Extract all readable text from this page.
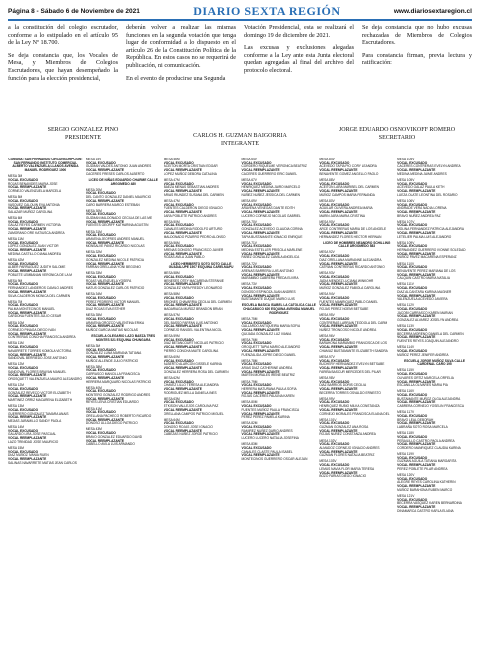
Página 8 - Sábado 6 de Noviembre de 2021	DIARIO SEXTA REGIÓN	www.diariosextaregion.cl

a la constitución del colegio escrutador, conforme a lo estipulado en el artículo 95 de la Ley Nº 18.700.

Se deja constancia que, los Vocales de Mesa, y Miembros de Colegios Escrutadores, que hayan desempeñado la función para la elección presidencial,

deberán volver a realizar las mismas funciones en la segunda votación que tenga lugar de conformidad a lo dispuesto en el artículo 26 de la Constitución Política de la República. En estos casos no se requerirá de publicación, ni comunicación.

En el evento de producirse una Segunda

Votación Presidencial, esta se realizará el domingo 19 de diciembre de 2021.

Las excusas y exclusiones alegadas conforme a la Ley ante esta Junta electoral quedan agregadas al final del archivo del protocolo electoral.

Se deja constancia que no hubo excusas rechazadas de Miembros de Colegios Escrutadores.

Para constancia firman, previa lectura y ratificación:

SERGIO GONZALEZ PINO
PRESIDENTE	CARLOS H. GUZMAN BAIGORRIA
INTEGRANTE
JORGE EDUARDO OSNOVIKOFF ROMERO
SECRETARIO
COMUNA: SAN FERNANDO CIRCUNSCRIPCIÓN: SAN FERNANDO INSTITUTO COMERCIAL ALBERTO VALENZUELA LLANOS AVENIDA MANUEL RODRÍGUEZ 1000
MESA 3M
VOCAL EXCUSADO
ROJAS BENAVIDES MARIA JOSE
VOCAL REEMPLAZANTE
CORNEJO VALENZUELA MARCELA
MESA 5M
VOCAL EXCUSADO
VASQUEZ CALQUIN EVA ANTONIA
VOCAL REEMPLAZANTE
SALAZAR MUÑOZ CAROLINA
MESA 6M
VOCAL EXCUSADO
GALAZ REYES CARMEN VICTORIA
VOCAL REEMPLAZANTE
ZAMORANO ORE KATIUSCA ANDREA
MESA 11M
VOCAL EXCUSADO
LOPEZ GONZALEZ JUAN VICTOR
VOCAL REEMPLAZANTE
MEDINA CASTILLO DIANA ANDREA
MESA 42M
VOCAL EXCUSADO
ALBER PARRAGUEZ JUDITH SALOME
VOCAL REEMPLAZANTE
POBLETE LEMBANAN VERONICA DE LA M
MESA 9M
VOCAL EXCUSADO
FERNANDEZ LANDEROS CAMILO ANDRES
VOCAL REEMPLAZANTE
SILVA CALDERON MONICA DEL CARMEN
MESA 7M
VOCAL EXCUSADO
PALMA MONTECINOS MANUEL
VOCAL REEMPLAZANTE
CARDONA FUENTES JULIO CESAR
MESA 10M
VOCAL EXCUSADO
CORNEJO PINAGA DIEGO IVAN
VOCAL REEMPLAZANTE
CONTRERAS CONCHA FRANCISCA ANDREA
MESA 11M
VOCAL EXCUSADO
NAVARRETE TORRES KOMOLA VICTORIA
VOCAL REEMPLAZANTE
SANDOVAL BERRIEDO JOSE ANTONIO
MESA 12M
VOCAL EXCUSADO
SANDOVAL FLORES BRAYAN MANUEL
VOCAL REEMPLAZANTE
OROSQUETT VALENZUELA MAURO ALEJANDRO
MESA 12M
VOCAL EXCUSADO
GONZALEZ REVECO VICTOR ELIZABETH
VOCAL REEMPLAZANTE
MARTINEZ ORRIZ MACARENA ELIZABETH
MESA 13M
VOCAL EXCUSADO
GUERRERO GONZALEZ TAMARA ANAIS
VOCAL REEMPLAZANTE
MEJIAS JARAMILLO SANDY PAOLA
MESA 14M
VOCAL EXCUSADO
GALARDO LIRA JOSE PASCUAL
VOCAL REEMPLAZANTE
LAZO TRINIDAD JOSE MAURICIO
MESA 15M
VOCAL EXCUSADO
DIAZ MUÑOZ IVANIA RUEN
VOCAL REEMPLAZANTE
SALINAS NAVARRETE MATIAS JEAN CARLOS
MESA 15V
VOCAL EXCUSADO
GUZMAN VALDES ANTONIO JUAN ANDRES
VOCAL REEMPLAZANTE
CACERES FRESES CARLOS ALBERTO
LICEO DE NIÑAS EDUARDO CHARME CALLE ARGOMEDO 480
MESA 20M
VOCAL EXCUSADO
DEL CANTO GONZALEZ DANIEL MAURICIO
VOCAL REEMPLAZANTE
CARO BARRERA MARCO ESTEBAN
MESA 30M
VOCAL EXCUSADO
GUZMAN MALDONADO CECILIA DE LAS ME
VOCAL REEMPLAZANTE
FUENTES GEORFF KATHARINA AGUSTIN
MESA 31M
VOCAL EXCUSADO
ARAVENA JEOFRES ANDRES MANUEL
VOCAL REEMPLAZANTE
MONSALVE PAVEZ RICARDO NICOLAS
MESA 32M
VOCAL EXCUSADO
GONZALEZ MEDINA NICOLE PATRICIA
VOCAL REEMPLAZANTE
FARRAN ORELLANA YONI BEGONIO
MESA 33M
VOCAL EXCUSADO
ROJAS VALENZUELA YOSEFA
VOCAL REEMPLAZANTE
MATUS GONZALEZ CARLOS PATRICIO
MESA 34M
VOCAL EXCUSADO
PEREZ PEDRERO VICTOR MANUEL
VOCAL REEMPLAZANTE
DIAZ ROJAS EVA ESTHER
MESA 35M
VOCAL EXCUSADO
ARAVENA OROZCO VALENTINA ERIKA
VOCAL REEMPLAZANTE
MUÑOZ GARCIA MATIAS NICOLAS
ESCUELA OLEGARIO LAZO BAEZA TRES MONTES 521 ESQUINA CHUNGARA
MESA 3M
VOCAL EXCUSADO
GONZALEZ LUNA MARIANA TATIANA
VOCAL REEMPLAZANTE
MUÑOZ ALLENDE JULIO PATRICIO
MESA 38M
VOCAL EXCUSADO
CARRASCO MANCILLA FRANCISCA
VOCAL REEMPLAZANTE
HERRERA MARQUARD NICOLAS PATRICIO
MESA 40M
VOCAL EXCUSADO
MONTERO GONZALEZ RODRIGO ANDRES
VOCAL REEMPLAZANTE
REYES LEIVA CRISTIAN EDUARDO
MESA 41M
VOCAL EXCUSADO
ORELLANA PACHECO ROBERTO RICARDO
VOCAL REEMPLAZANTE
DONOSO ULLOA DIEGO PATRICIO
MESA 43M
VOCAL EXCUSADO
BRAVO GONZALEZ EDUARDO DAVID
VOCAL REEMPLAZANTE
CABELLO AVILA LUIS ARMANDO
MESA 46M
VOCAL EXCUSADO
ACEITON MORTA CRISTIAN EDGAR
VOCAL REEMPLAZANTE
LOPEZ MUÑOZ DEBORA CATALINA
MESA 47M
VOCAL EXCUSADO
BAEZA MENAS SEBASTIAN ANDRES
VOCAL REEMPLAZANTE
ARIAS RIUNDEZ SUSANA DEL CARMEN
MESA 47M
VOCAL EXCUSADO
FUENTES CALDERON DIEGO IGNACIO
VOCAL REEMPLAZANTE
JARA POBLETE PATRICIO ANDRES
MESA 50M
VOCAL EXCUSADO
CANALES MEDINA RODOLFO ARTURO
VOCAL REEMPLAZANTE
MALDONADO PIZARRO PEDRO ALONSO
MESA 56M
VOCAL EXCUSADO
ARENAS DONOSO FRANCISCO JAVIER
VOCAL REEMPLAZANTE
ROZAS AVILA JUAN PABLO
LICEO HERIBERTO SOTO SOTO CALLE GUADALUPE 1507 ESQUINA CARELMAPU
MESA 58M
VOCAL EXCUSADO
MENESES OTEY MACARENA STEFANIE
VOCAL REEMPLAZANTE
GONZALEZ YAPA FREDDY LEONARDO
MESA 58M
VOCAL EXCUSADO
BRIONES CHAVARRIA CECILIA DEL CARMEN
VOCAL REEMPLAZANTE
MADARIAGA MUÑOZ BRANDON BRIAN
MESA 57M
VOCAL EXCUSADO
DEL BASSO FARFAN LUIS ANTONIO
VOCAL REEMPLAZANTE
CORNEJO RANGEL VALENTINA NICOL
MESA 59M
VOCAL EXCUSADO
DIAZ BETANCOURT NICOLAS PATRICIO
VOCAL REEMPLAZANTE
PIERRO CONCHA MAITE CAROLINA
MESA 60M
VOCAL EXCUSADO
ALBERTO ALARCON GISSELE KARINA
VOCAL REEMPLAZANTE
GONZALEZ HERRERA ROSA DEL CARMEN
MESA 62M
VOCAL EXCUSADO
CHAVEZ LILLO TERESA ALEJANDRA
VOCAL REEMPLAZANTE
RODRIGUEZ MELLA DANIELA INES
MESA 63M
VOCAL EXCUSADO
ETKISON VALLEJOS CAROLINA PAZ
VOCAL REEMPLAZANTE
ORELLANA CAMPOS PATRICIO MIGUEL
MESA 64M
VOCAL EXCUSADO
DONOSO ROJAS JOSE IGNACIO
VOCAL REEMPLAZANTE
CABEZAS NUÑEZ JORGE PATRICIO
MESA 64V
VOCAL EXCUSADO
CORDERO RIQUELME VERONICA BEATRIZ
VOCAL REEMPLAZANTE
CACERES GUERRERO ERIC DANIEL
MESA 67V
VOCAL EXCUSADO
HENRIQUEZ MEDINA JAIRO MARCELO
VOCAL REEMPLAZANTE
NUÑEZ NUÑEZ JESSICA DEL CARMEN
MESA 69V
VOCAL EXCUSADO
ARAVENA VENEGAS DANTE EDITH
VOCAL REEMPLAZANTE
LUCERO CORNEJO NICOLAS GABRIEL
MESA 70V
VOCAL EXCUSADO
GONZALEZ ACEVEDO CLAUDIA CORINA
VOCAL REEMPLAZANTE
TAPIA BUSTAMANTE IGNACIO ENRIQUE
MESA 71V
VOCAL EXCUSADO
MEDINA ESTELLER PRISCILA MARLENE
VOCAL REEMPLAZANTE
FAÑEZ GONZALEZ CAMILA ANGELICA
MESA 72V
VOCAL EXCUSADO
ARENAS BARRERA LUIS ANTONIO
VOCAL REEMPLAZANTE
MARAMBIO CABRERA FREDA ELVIRA
MESA 73V
VOCAL EXCUSADO
DONOSO ESPINOZA JUAN ANDRES
VOCAL REEMPLAZANTE
BUSTAMANTE DUQUE MARIO LUIS
ESCUELA BASICA ISABEL LA CATOLICA CALLE CHACABUCO 620 ESQUINA AVENIDA MANUEL RODRIGUEZ
MESA 75M
VOCAL EXCUSADO
GALLARDO ANTIQUEIRA MARIA SOFIA
VOCAL REEMPLAZANTE
QUIJADA GONZALEZ LUZ IVANIA
MESA 76M
VOCAL EXCUSADO
OROQUETT TAPIA MARIO ALEJANDRO
VOCAL REEMPLAZANTE
FUENZALIDA JOFRE DIEGO DANIEL
MESA 78M
VOCAL EXCUSADO
ARIAS DIAZ CATHERINE ANDREA
VOCAL REEMPLAZANTE
MARTIN MORALES IRENE BEATRIZ
MESA 79M
VOCAL EXCUSADO
HERRERA MATURANA PAULA SOFIA
VOCAL REEMPLAZANTE
ROJAS CACERES PAULINA KAREN
MESA 80M
VOCAL EXCUSADO
FUENTES MUÑOZ PAULA FRANCISCA
VOCAL REEMPLAZANTE
PEREZ PEREZ PAMELA KARINA
MESA 82M
VOCAL EXCUSADO
RAMIREZ NUÑEZ DARIO ANDRES
VOCAL REEMPLAZANTE
LUCERO LUCERO NATALIA JOSEFINA
MESA 83M
VOCAL EXCUSADO
CANALES CLASTE PAULA ISABEL
VOCAL REEMPLAZANTE
MONTECINOS GUERRERO OSCAR ALEJAN
MESA 84V
VOCAL EXCUSADO
ACEVEDO TAPIA PIO CORY LEANDRA
VOCAL REEMPLAZANTE
BENAVENTE GOMEZ ANGELLO PAOLO
MESA 88V
VOCAL EXCUSADO
ACEITON LARA MARIBEL DEL CARMEN
VOCAL REEMPLAZANTE
MUÑOZ CAMPOS MARIA FERNANDA
MESA 80V
VOCAL EXCUSADO
AGUILAR OLIVERA ANDREA MARIA
VOCAL REEMPLAZANTE
MARIN JARA MARIA CRISTINA
MESA 90V
VOCAL EXCUSADO
ARCE CONTRERAS MARIA DE LOS ANGELE
VOCAL REEMPLAZANTE
HERNANDEZ FLORES HECTOR HERNAN
LICEO DE HOMBRES NEANDRO SCHILLING CALLE ARGOMEDO 583
MESA 92V
VOCAL EXCUSADO
DIAZ ORELLANA MARIANNE ALEJANDRA
VOCAL REEMPLAZANTE
CATRIAN CONTRERAS RICARDO ANTONIO
MESA 93V
VOCAL EXCUSADO
JADIA MENDEZ LUCIANA WINKOHR
VOCAL REEMPLAZANTE
MUÑOZ GONZALEZ FABIOLA CAROLINA
MESA 94V
VOCAL EXCUSADO
FUENTES MANRIQUEZ PABLO DANIEL
VOCAL REEMPLAZANTE
ROJAS PEREZ NOEMI BETSABE
MESA 95V
VOCAL EXCUSADO
CONTRERAS LARRAIN TEODOLA DEL CARM
VOCAL REEMPLAZANTE
NUÑEZ TRONCOSO NICOLE ANDREA
MESA 96V
VOCAL EXCUSADO
BARAHONA MARAMBIO FRANCISCA DE LOS
VOCAL REEMPLAZANTE
CHAMUZ BUSTAMANTE ELIZABETH SANDRA
MESA 97V
VOCAL EXCUSADO
BUCHERY HERNANDEZ EVELYN BETSABE
VOCAL REEMPLAZANTE
FARIÑA BASCUR MERCEDES DEL PILAR
MESA 98V
VOCAL EXCUSADO
DIAZ BARRIOS DORIS CECILIA
VOCAL REEMPLAZANTE
BECERRA TORRES OSVALDO ERNESTO
MESA 99V
VOCAL EXCUSADO
HENRIQUEZ RUBIO MILKA CONSTANZA
VOCAL REEMPLAZANTE
CORNEJO MORALES FRANCISCA ELIANA DEL
MESA 101V
VOCAL EXCUSADO
GUZMAN GONZALEZ ANA ROSA
VOCAL REEMPLAZANTE
ROJAS NUÑEZ CONSTANZA ANDREA
MESA 102V
VOCAL EXCUSADO
ALMADOZ CORNEJO IGNACIO ANDRES
VOCAL REEMPLAZANTE
GUZMAN FLORES NATALIA BEATRIZ
MESA 103V
VOCAL EXCUSADO
LEMUS NAVIA FLOR MARIA TERESA
VOCAL REEMPLAZANTE
BOZO FARIAS DIEGO IGNACIO
MESA 104V
VOCAL EXCUSADO
CACERES CONTRERAS EVELYN ANDREA
VOCAL REEMPLAZANTE
MEDINA MEDINA JAIME ANDRES
MESA 105V
VOCAL EXCUSADO
ACEVEDO GALAZ PAULA KETH
VOCAL REEMPLAZANTE
LUEZA OLATE LEONTINA DEL ROSARIO
MESA 106V
VOCAL EXCUSADO
ANDRADE VERA NADIA LORENA
VOCAL REEMPLAZANTE
BRAVO NUÑEZ ANDREA PAZ
MESA 107V
VOCAL EXCUSADO
MOLINA FERNANDEZ PATRICIA ALEJANDRA
VOCAL REEMPLAZANTE
LETELIER PALMA LUIS ALEJANDRO
MESA 109V
VOCAL EXCUSADO
HERNANDEZ GUERRERO IVONNE SOLEDAD
VOCAL REEMPLAZANTE
MUÑOZ PAVEZ MACARENA ESPERANZ
MESA 110V
VOCAL EXCUSADO
BENAVENTE PEREZ MARIANA DE LOS
VOCAL REEMPLAZANTE
CALQUIN CASTRO MARIA NATALIA
MESA 111V
VOCAL EXCUSADO
DIAZ ALCANTARA KARINA MAGNER
VOCAL REEMPLAZANTE
VALENZUELA ACEVEDO JAVIERA
MESA 112V
VOCAL EXCUSADO
JACOBI CARRASCO KAREN MARIAN
VOCAL REEMPLAZANTE
GONZALEZ ALVAREZ JOSELYN ANDREA
MESA 113V
VOCAL EXCUSADO
BECERRA MORENO DANIELA DEL CARMEN
VOCAL REEMPLAZANTE
FUENTES REYES JOAQUIN ALEJANDRO
MESA 114V
VOCAL EXCUSADO
MUÑOZ PEREZ JENIFER ANDREA
ESCUELA JORGE MUÑOZ SILVA CALLE CARDENAL CARO 195
MESA 115V
VOCAL EXCUSADO
OLIVARES ORTIZ MARCELA ORFELIA
VOCAL REEMPLAZANTE
ESCANILLA OLIVARES MARIA PIA
MESA 116V
VOCAL EXCUSADO
BUSTAMANTE MUÑOZ OLGA ALEJANDRA
VOCAL REEMPLAZANTE
CABRERA CORNEJO YOSELIN FRANCESCA
MESA 117V
VOCAL EXCUSADO
BRAVO LEAL DEBORAH
VOCAL REEMPLAZANTE
LABRAÑA SOTO ROSA MARCELA
MESA 118V
VOCAL EXCUSADO
PEÑAILILLO CASTRO PAOLA ANDREA
VOCAL REEMPLAZANTE
CORDERO MANRIQUEZ CLAUDIA KARINA
MESA 119V
VOCAL EXCUSADO
GUZMAN AGUILA TATIANA MARGARITA
VOCAL REEMPLAZANTE
PEREZ POBLETE PILAR ANDREA
MESA 120V
VOCAL EXCUSADO
ALEGRE REYES CAROLINA KATHERIN
VOCAL REEMPLAZANTE
MUÑOZ BARAHONA RUBEN MARCO
MESA 121V
VOCAL EXCUSADO
BECERRA VASQUEZ KAREN BERNARDINA
VOCAL REEMPLAZANTE
DINAMARCA CASTRO KARLA ELIANA
